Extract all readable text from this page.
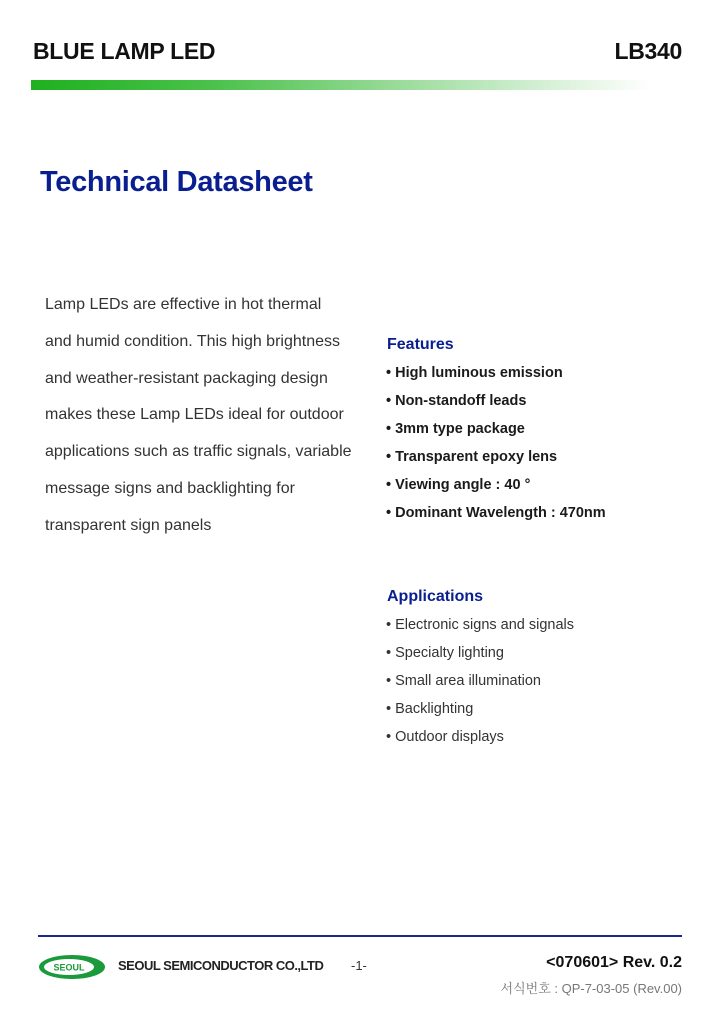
BLUE LAMP LED	LB340
Technical Datasheet
Lamp LEDs are effective in hot thermal
and humid condition. This high brightness
and weather-resistant packaging design
makes these Lamp LEDs ideal for outdoor
applications such as traffic signals, variable
message signs and backlighting for
transparent sign panels
Features
• High luminous emission
• Non-standoff leads
• 3mm type package
• Transparent epoxy lens
• Viewing angle : 40 °
• Dominant Wavelength : 470nm
Applications
• Electronic signs and signals
• Specialty lighting
• Small area illumination
• Backlighting
• Outdoor displays
SEOUL	SEOUL SEMICONDUCTOR CO.,LTD -1-	<070601> Rev. 0.2
서식번호 : QP-7-03-05 (Rev.00)
